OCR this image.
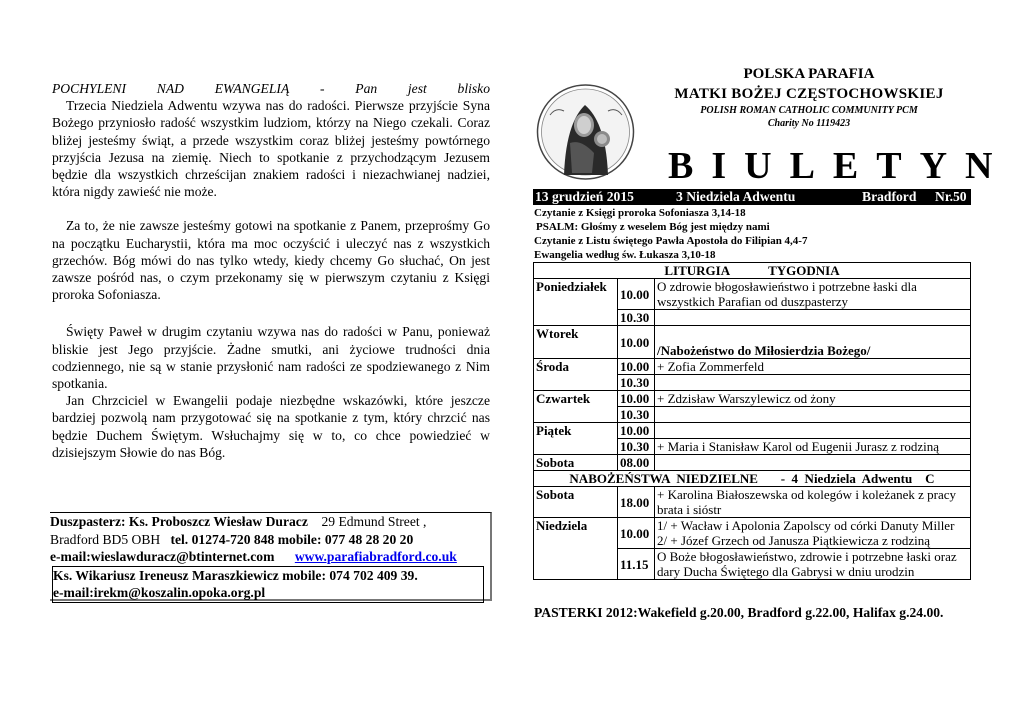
POCHYLENI NAD EWANGELIĄ - Pan jest blisko

Trzecia Niedziela Adwentu wzywa nas do radości. Pierwsze przyjście Syna Bożego przyniosło radość wszystkim ludziom, którzy na Niego czekali. Coraz bliżej jesteśmy świąt, a przede wszystkim coraz bliżej jesteśmy powtórnego przyjścia Jezusa na ziemię. Niech to spotkanie z przychodzącym Jezusem będzie dla wszystkich chrześcijan znakiem radości i niezachwianej nadziei, która nigdy zawieść nie może.

Za to, że nie zawsze jesteśmy gotowi na spotkanie z Panem, przeprośmy Go na początku Eucharystii, która ma moc oczyścić i uleczyć nas z wszystkich grzechów. Bóg mówi do nas tylko wtedy, kiedy chcemy Go słuchać, On jest zawsze pośród nas, o czym przekonamy się w pierwszym czytaniu z Księgi proroka Sofoniasza.

Święty Paweł w drugim czytaniu wzywa nas do radości w Panu, ponieważ bliskie jest Jego przyjście. Żadne smutki, ani życiowe trudności dnia codziennego, nie są w stanie przysłonić nam radości ze spodziewanego z Nim spotkania.

Jan Chrzciciel w Ewangelii podaje niezbędne wskazówki, które jeszcze bardziej pozwolą nam przygotować się na spotkanie z tym, który chrzcić nas będzie Duchem Świętym. Wsłuchajmy się w to, co chce powiedzieć w dzisiejszym Słowie do nas Bóg.

Duszpasterz: Ks. Proboszcz Wiesław Duracz 29 Edmund Street ,
Bradford BD5 OBH tel. 01274-720 848 mobile: 077 48 28 20 20
e-mail:wieslawduracz@btinternet.com www.parafiabradford.co.uk
Ks. Wikariusz Ireneusz Maraszkiewicz mobile: 074 702 409 39.
e-mail:irekm@koszalin.opoka.org.pl
POLSKA PARAFIA
MATKI BOŻEJ CZĘSTOCHOWSKIEJ
POLISH ROMAN CATHOLIC COMMUNITY PCM
Charity No 1119423
BIULETYN
13 grudzień 2015	3 Niedziela Adwentu	Bradford Nr.50
Czytanie z Księgi proroka Sofoniasza 3,14-18
PSALM: Głośmy z weselem Bóg jest między nami
Czytanie z Listu świętego Pawła Apostoła do Filipian 4,4-7
Ewangelia według św. Łukasza 3,10-18
LITURGIA            TYGODNIA		
Poniedziałek	10.00	O zdrowie błogosławieństwo i potrzebne łaski dla wszystkich Parafian od duszpasterzy
	10.30	
Wtorek	10.00	/Nabożeństwo do Miłosierdzia Bożego/
Środa	10.00	+ Zofia Zommerfeld
	10.30	
Czwartek	10.00	+ Zdzisław Warszylewicz od żony
	10.30	
Piątek	10.00	
	10.30	+ Maria i Stanisław Karol od Eugenii Jurasz z rodziną
Sobota	08.00	
NABOŻEŃSTWA  NIEDZIELNE       -  4  Niedziela  Adwentu    C		
Sobota	18.00	+ Karolina Białoszewska od kolegów i koleżanek z pracy brata i sióstr
Niedziela	10.00	1/ + Wacław i Apolonia Zapolscy od córki Danuty Miller
2/ + Józef Grzech od Janusza Piątkiewicza z rodziną

	11.15	O Boże błogosławieństwo, zdrowie i potrzebne łaski oraz dary Ducha Świętego dla Gabrysi w dniu urodzin
PASTERKI 2012:Wakefield g.20.00, Bradford g.22.00, Halifax g.24.00.
